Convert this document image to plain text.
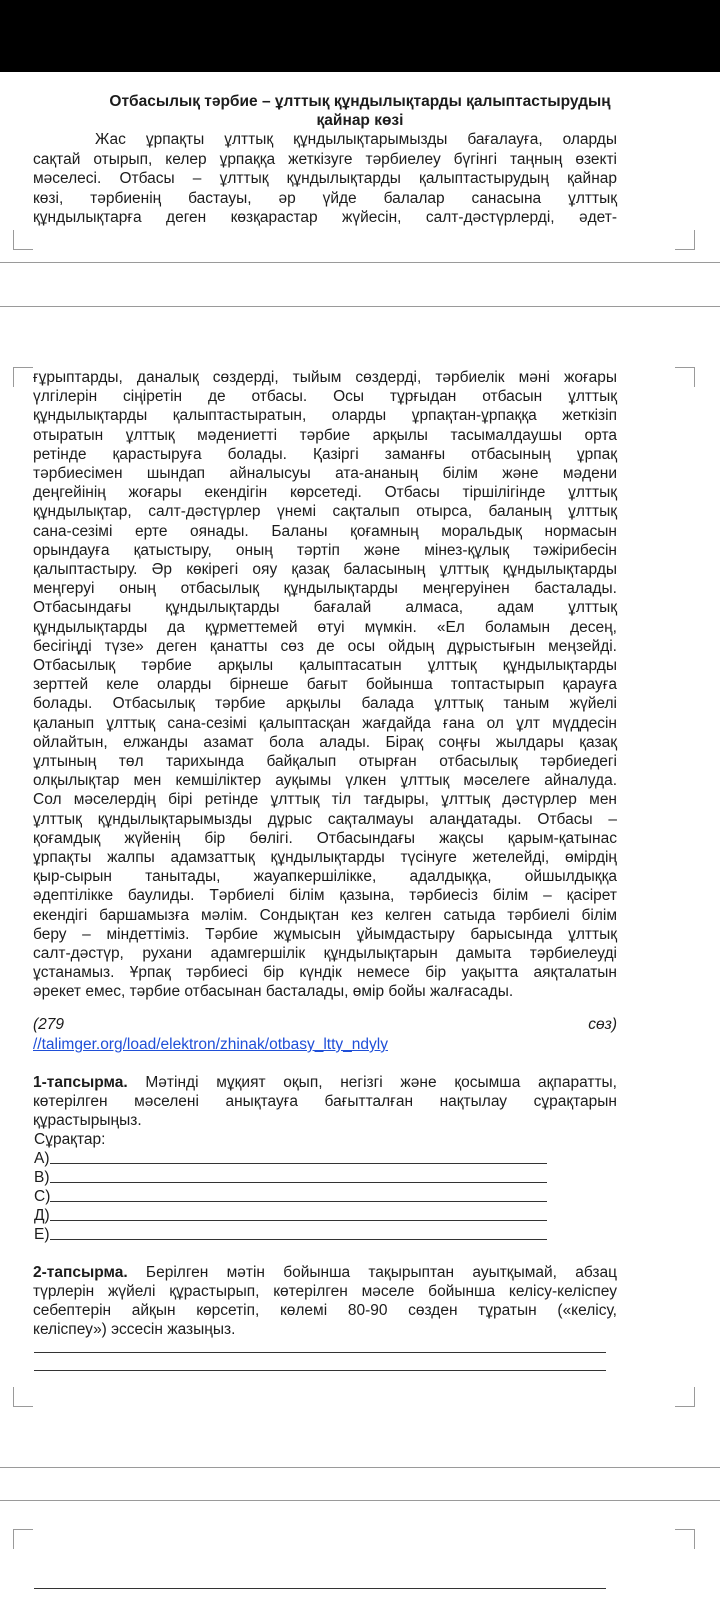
Отбасылық тәрбие – ұлттық құндылықтарды қалыптастырудың
қайнар көзі
Жас ұрпақты ұлттық құндылықтарымызды бағалауға, оларды
сақтай отырып, келер ұрпаққа жеткізуге тәрбиелеу бүгінгі таңның өзекті
мәселесі. Отбасы – ұлттық құндылықтарды қалыптастырудың қайнар
көзі, тәрбиенің бастауы, әр үйде балалар санасына ұлттық
құндылықтарға деген көзқарастар жүйесін, салт-дәстүрлерді, әдет-
ғұрыптарды, даналық сөздерді, тыйым сөздерді, тәрбиелік мәні жоғары
үлгілерін сіңіретін де отбасы. Осы тұрғыдан отбасын ұлттық
құндылықтарды қалыптастыратын, оларды ұрпақтан-ұрпаққа жеткізіп
отыратын ұлттық мәдениетті тәрбие арқылы тасымалдаушы орта
ретінде қарастыруға болады. Қазіргі заманғы отбасының ұрпақ
тәрбиесімен шындап айналысуы ата-ананың білім және мәдени
деңгейінің жоғары екендігін көрсетеді. Отбасы тіршілігінде ұлттық
құндылықтар, салт-дәстүрлер үнемі сақталып отырса, баланың ұлттық
сана-сезімі ерте оянады. Баланы қоғамның моральдық нормасын
орындауға қатыстыру, оның тәртіп және мінез-құлық тәжірибесін
қалыптастыру. Әр көкірегі ояу қазақ баласының ұлттық құндылықтарды
меңгеруі оның отбасылық құндылықтарды меңгеруінен басталады.
Отбасындағы құндылықтарды бағалай алмаса, адам ұлттық
құндылықтарды да құрметтемей өтуі мүмкін. «Ел боламын десең,
бесігіңді түзе» деген қанатты сөз де осы ойдың дұрыстығын меңзейді.
Отбасылық тәрбие арқылы қалыптасатын ұлттық құндылықтарды
зерттей келе оларды бірнеше бағыт бойынша топтастырып қарауға
болады. Отбасылық тәрбие арқылы балада ұлттық таным жүйелі
қаланып ұлттық сана-сезімі қалыптасқан жағдайда ғана ол ұлт мүддесін
ойлайтын, елжанды азамат бола алады. Бірақ соңғы жылдары қазақ
ұлтының төл тарихында байқалып отырған отбасылық тәрбиедегі
олқылықтар мен кемшіліктер ауқымы үлкен ұлттық мәселеге айналуда.
Сол мәселердің бірі ретінде ұлттық тіл тағдыры, ұлттық дәстүрлер мен
ұлттық құндылықтарымызды дұрыс сақталмауы алаңдатады. Отбасы –
қоғамдық жүйенің бір бөлігі. Отбасындағы жақсы қарым-қатынас
ұрпақты жалпы адамзаттық құндылықтарды түсінуге жетелейді, өмірдің
қыр-сырын танытады, жауапкершілікке, адалдыққа, ойшылдыққа
әдептілікке баулиды. Тәрбиелі білім қазына, тәрбиесіз білім – қасірет
екендігі баршамызға мәлім. Сондықтан кез келген сатыда тәрбиелі білім
беру – міндеттіміз. Тәрбие жұмысын ұйымдастыру барысында ұлттық
салт-дәстүр, рухани адамгершілік құндылықтарын дамыта тәрбиелеуді
ұстанамыз. Ұрпақ тәрбиесі бір күндік немесе бір уақытта аяқталатын
әрекет емес, тәрбие отбасынан басталады, өмір бойы жалғасады.
(279 сөз)
//talimger.org/load/elektron/zhinak/otbasy_ltty_ndyly
1-тапсырма. Мәтінді мұқият оқып, негізгі және қосымша ақпаратты,
көтерілген мәселені анықтауға бағытталған нақтылау сұрақтарын
құрастырыңыз.
Сұрақтар:
А)
В)
С)
Д)
Е)
2-тапсырма. Берілген мәтін бойынша тақырыптан ауытқымай, абзац
түрлерін жүйелі құрастырып, көтерілген мәселе бойынша келісу-келіспеу
себептерін айқын көрсетіп, көлемі 80-90 сөзден тұратын («келісу,
келіспеу») эссесін жазыңыз.
